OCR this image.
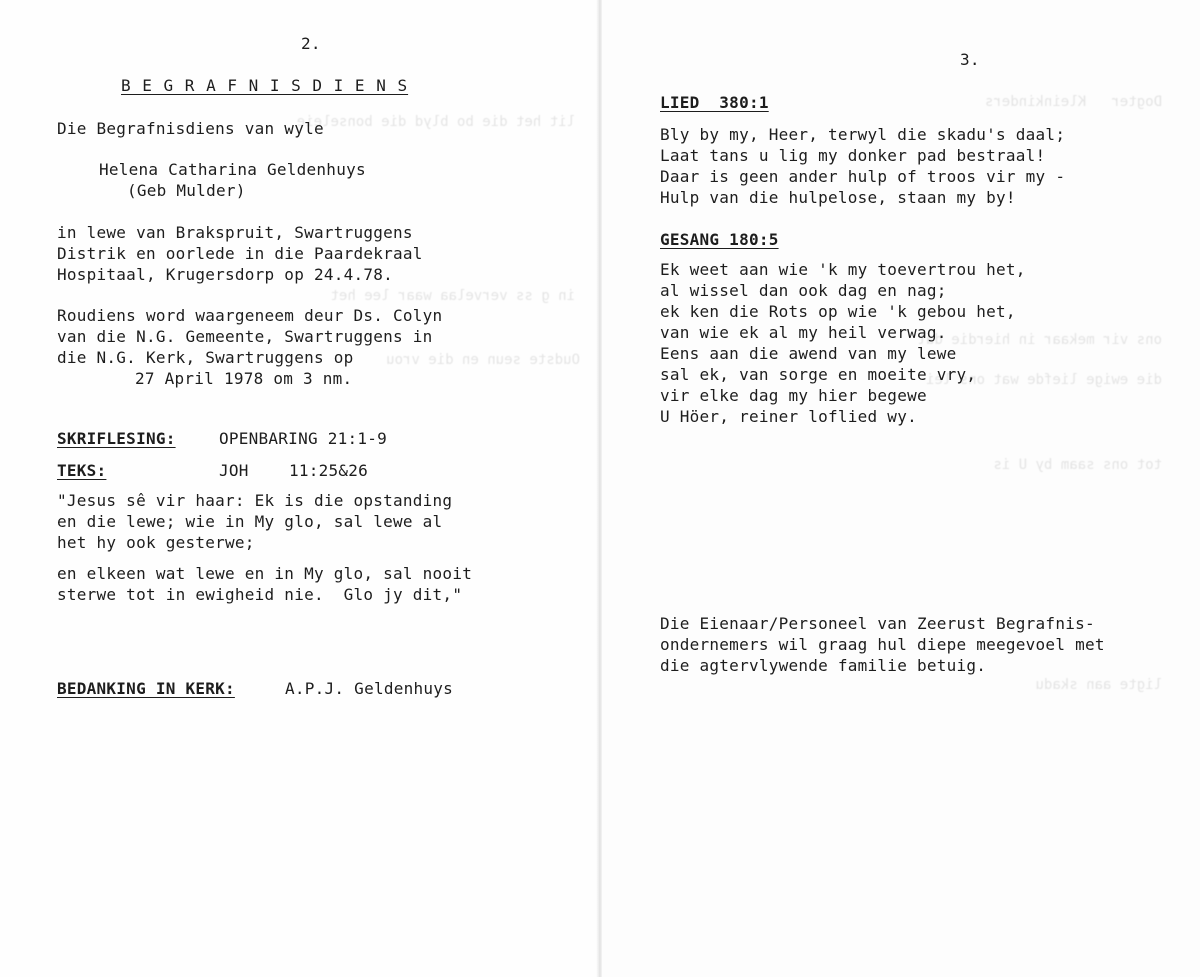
lit het die bo blyd die bonseleie
in g ss vervelaa waar lee het
Oudste seun en die vrou
2.
B E G R A F N I S D I E N S
Die Begrafnisdiens van wyle
Helena Catharina Geldenhuys
(Geb Mulder)
in lewe van Brakspruit, Swartruggens
Distrik en oorlede in die Paardekraal
Hospitaal, Krugersdorp op 24.4.78.
Roudiens word waargeneem deur Ds. Colyn
van die N.G. Gemeente, Swartruggens in
die N.G. Kerk, Swartruggens op
27 April 1978 om 3 nm.
SKRIFLESING:	OPENBARING 21:1-9
TEKS:	JOH	11:25&26
"Jesus sê vir haar: Ek is die opstanding
en die lewe; wie in My glo, sal lewe al
het hy ook gesterwe;
en elkeen wat lewe en in My glo, sal nooit
sterwe tot in ewigheid nie.  Glo jy dit,"
BEDANKING IN KERK:	A.P.J. Geldenhuys
Dogter   Kleinkinders
ons vir mekaar in hierdie dal
die ewige liefde wat ons lei
tot ons saam by U is
ligte aan skadu
3.
LIED  380:1
Bly by my, Heer, terwyl die skadu's daal;
Laat tans u lig my donker pad bestraal!
Daar is geen ander hulp of troos vir my -
Hulp van die hulpelose, staan my by!
GESANG 180:5
Ek weet aan wie 'k my toevertrou het,
al wissel dan ook dag en nag;
ek ken die Rots op wie 'k gebou het,
van wie ek al my heil verwag.
Eens aan die awend van my lewe
sal ek, van sorge en moeite vry,
vir elke dag my hier begewe
U Höer, reiner loflied wy.
Die Eienaar/Personeel van Zeerust Begrafnis-
ondernemers wil graag hul diepe meegevoel met
die agtervlywende familie betuig.
